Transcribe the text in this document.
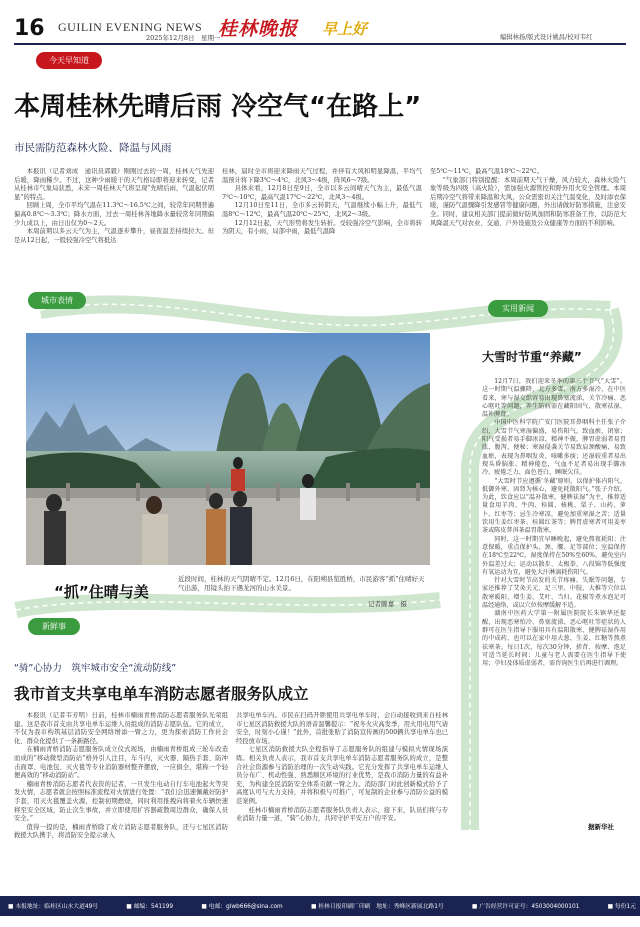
16 GUILIN EVENING NEWS
2025年12月8日　星期一
桂林晚报 早上好	编辑林扬/版式设计姚昌/校对韦红
今天早知道
本周桂林先晴后雨 冷空气“在路上”
市民需防范森林火险、降温与风雨

本报讯（记者刘成　通讯员郭毅）刚刚过去的一周，桂林天气先迎后暖，降雨稀少。不过，这种少雨暖干的天气格局即将迎来转变，记者从桂林市气象局获悉，未来一周桂林天气将呈现“先晴后雨，气温起伏明显”的特点。

回顾上周，全市平均气温在11.3℃～16.5℃之间，较常年同期普遍偏高0.8℃～3.3℃；降水方面，过去一周桂林各地降水量较常年同期偏少九成以上，由日出仅为0～2天。

本周前期以多云天气为主，气温逐步攀升，昼夜温差持续拉大。但是从12日起，一股较强冷空气将抵达

桂林，届时全市将迎来降雨天气过程，并伴有大风和明显降温，平均气温预计将下降3℃～4℃，北风3～4级，阵风6～7级。

具体来看，12月8日至9日，全市以多云间晴天气为主，最低气温7℃～10℃，最高气温17℃～22℃，北风3～4级。

12月10日至11日，全市多云转阴天，气温继续小幅上升，最低气温8℃～12℃，最高气温20℃～25℃，北风2～3级。

12月12日起，天气形势将发生转折。受较强冷空气影响，全市将转为阴天，有小雨，局部中雨，最低气温降

至5℃～11℃，最高气温18℃～22℃。

“气象部门特别提醒：本周前期天气干燥，风力较大，森林火险气象等级为四级（高火险），需加强火源管控和野外用火安全管理。本周后期冷空气将带来降温和大风，公众需密切关注气温变化，及时添衣保暖，谨防气温骤降引发感冒等健康问题，外出请做好防寒措施，注意安全。同时，建议相关部门提前做好防风加固和防寒准备工作，以防范大风降温天气对农业、交通、户外设施及公众健康等方面的不利影响。

城市表情
“抓”住晴与美
近段时间，桂林的天气阴晴不定。12月6日，在阳朔县览胜桥，市民游客“抓”住晴好天气出游，用镜头拍下遇龙河的山水美景。
记者滕嘉　摄
实用新闻
大雪时节重“养藏”

12月7日，我们迎来冬季的第三个节气“大雪”。这一时期气温骤降，北方多雪，南方多湿冷，在中医看来，寒与湿交织容易出现鼻塞流涕、关节冷痛、恶心呕吐等问题，养生防病需在藏阳固气、散寒祛湿、温补脾肾。

中国中医科学院广安门医院耳鼻咽科主任张子介绍，大雪节气寒湿偏盛，易伤阳气，致血瘀、闭塞；阳气受损者易手脚冰凉、精神不振，脾胃虚弱者易胃胀、腹泻、便秘；寒湿侵袭关节易致肩颈酸痛、易致血瘀，表现为鼻咽发炎、咳嗽多痰；还湿较重者易出现头昏脑胀、精神倦怠，气血不足者易出现手脚冰冷、疲倦乏力、面色苍白，睡眠欠佳。

“大雪时节应遵循‘冬藏’原则，以保护体内阳气、抵御外寒、固肾为核心，避免耗散阳气。”张子介绍，为此，饮食应以“温补散寒，健脾祛湿”为主，推荐适量食用羊肉、牛肉、桂圆、核桃、栗子、山药、萝卜、红枣等；忌生冷寒凉，避免加重寒湿之苦；适量饮用生姜红枣茶、桂圆红茶等；脾胃虚寒者可用姜枣茶或陈皮普洱茶温胃散寒。

同时，这一时期宜早睡晚起，避免熬夜耗阳；注意保暖，重点保护头、颈、腰、足等部位；室温保持在18℃至22℃，湿度保持在50%至60%，避免室内外温差过大；运动以散步、太极拳、八段锦等低强度有氧运动为宜，避免大汗淋漓耗伤阳气。

针对大雪时节高发的关节疼痛、失眠等问题，专家还推荐了艾灸关元、足三里、中脘、大椎等穴位以散寒暖阳，增生姜、艾叶、当归、花椒等煮水泡足可温经通络，或以穴位按摩缓解不适。

湖南中医药大学第一附属医院院长朱镇华还提醒，出现恶寒怕冷、鼻塞流涕、恶心呕吐等症状的人群可在医生指导下服用具有温阳散寒、健脾祛湿作用的中成药，也可以在家中用大葱、生姜、红糖等熬煮祛寒茶。每日1次，每次30分钟，搓背、按摩、泡足可适当延长时间；儿童与老人需要在医生指导下使用；孕妇及体质虚弱者，需咨询医生后再进行调理。

据新华社
新鲜事
“骑”心协力　筑牢城市安全“流动防线”
我市首支共享电单车消防志愿者服务队成立

本报讯（记者韦芳明）日前，桂林市楠雨青桥消防志愿者服务队光荣组建。这是我市首支由共享电单车运维人员组成的消防志愿队伍。它的成立，不仅为我市构筑基层消防安全网络增添一臂之力，更为探索消防工作社会化、群众化提供了一条新路径。

在楠雨青桥消防志愿服务队成立仪式现场，由楠雨青桥组成三轮车改造而成的“移动微型消防站”格外引人注目，车斗内，灭火器、隔热手套、防冲击面罩、电池包、灭火毯等专业消防器材整齐摆放，一应俱全，堪称一个轻便高效的“移动消防站”。

楠雨青桥消防志愿者代表资的记者，一旦发生电动自行车电池起火等突发火情，志愿者就会按照标准流程对火情进行处置：“我们会迅速佩戴好防护手套，用灭火毯覆盖火源，控制初期燃烧，同时利用推拽向将着火车辆快速移至安全区域，防止次生事故，并立即使用扩容器疏散周边群众，确保人员安全。”

值得一提的是，楠雨青桥除了成立消防志愿者服务队，还与七星区消防救援大队携手，将消防安全提示录入

共享电单车内。市民在扫码开锁使用共享电单车时，会自动接收到来自桂林市七星区消防救援大队的语音温馨提示：“祝冬火灾高发季，用火用电用气请安全，时刻小心谨！”此外，首批张贴了消防宣传画的500辆共享电单车也已经投放市场。

七星区消防救援大队全程指导了志愿服务队的组建与模拟火情现场演练。相关负责人表示，我市首支共享电单车消防志愿者服务队的成立，是整合社会资源参与消防治理的一次生动实践。它充分发挥了共享电单车运维人员分布广、机动性强、熟悉顺区环境的行业优势，是我市消防力量的有益补充，为构建全民消防安全体系贡献一臂之力。消防部门对此创新模式给予了高度认可与大力支持，并将积极与可推广，可复制的企业参与消防公益的模范案例。

桂林市楠雨青桥消防志愿者服务队负责人表示，接下来，队员们将与专业消防力量一道，“骑”心协力，共同守护平安万户的平安。

■ 本报地址：临桂区山水大道49号	■ 邮编：541199	■ 电邮：glwb666@sina.com	■ 桂林日报印刷厂印刷　地址：秀峰区新展北路1号	■ 广告经营许可证号：4503004000101	■ 每份1元
